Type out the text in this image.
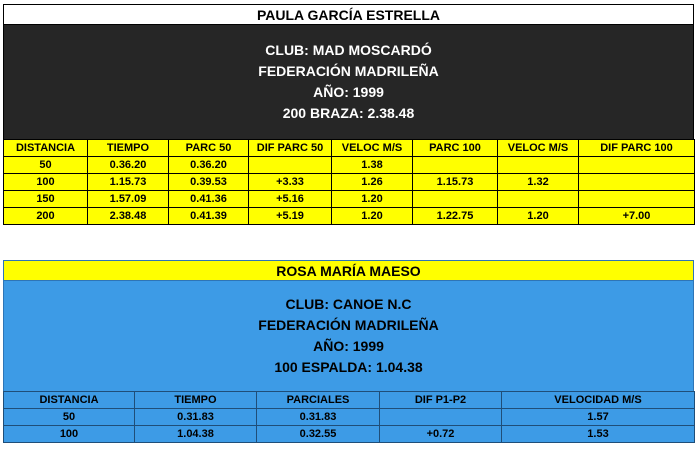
PAULA GARCÍA ESTRELLA
CLUB: MAD MOSCARDÓ
FEDERACIÓN MADRILEÑA
AÑO: 1999
200 BRAZA: 2.38.48
DISTANCIA	TIEMPO	PARC 50	DIF PARC 50	VELOC M/S	PARC 100	VELOC M/S	DIF PARC 100
50	0.36.20	0.36.20		1.38			
100	1.15.73	0.39.53	+3.33	1.26	1.15.73	1.32	
150	1.57.09	0.41.36	+5.16	1.20			
200	2.38.48	0.41.39	+5.19	1.20	1.22.75	1.20	+7.00
ROSA MARÍA MAESO
CLUB: CANOE N.C
FEDERACIÓN MADRILEÑA
AÑO: 1999
100 ESPALDA: 1.04.38
DISTANCIA	TIEMPO	PARCIALES	DIF P1-P2	VELOCIDAD M/S
50	0.31.83	0.31.83		1.57
100	1.04.38	0.32.55	+0.72	1.53
